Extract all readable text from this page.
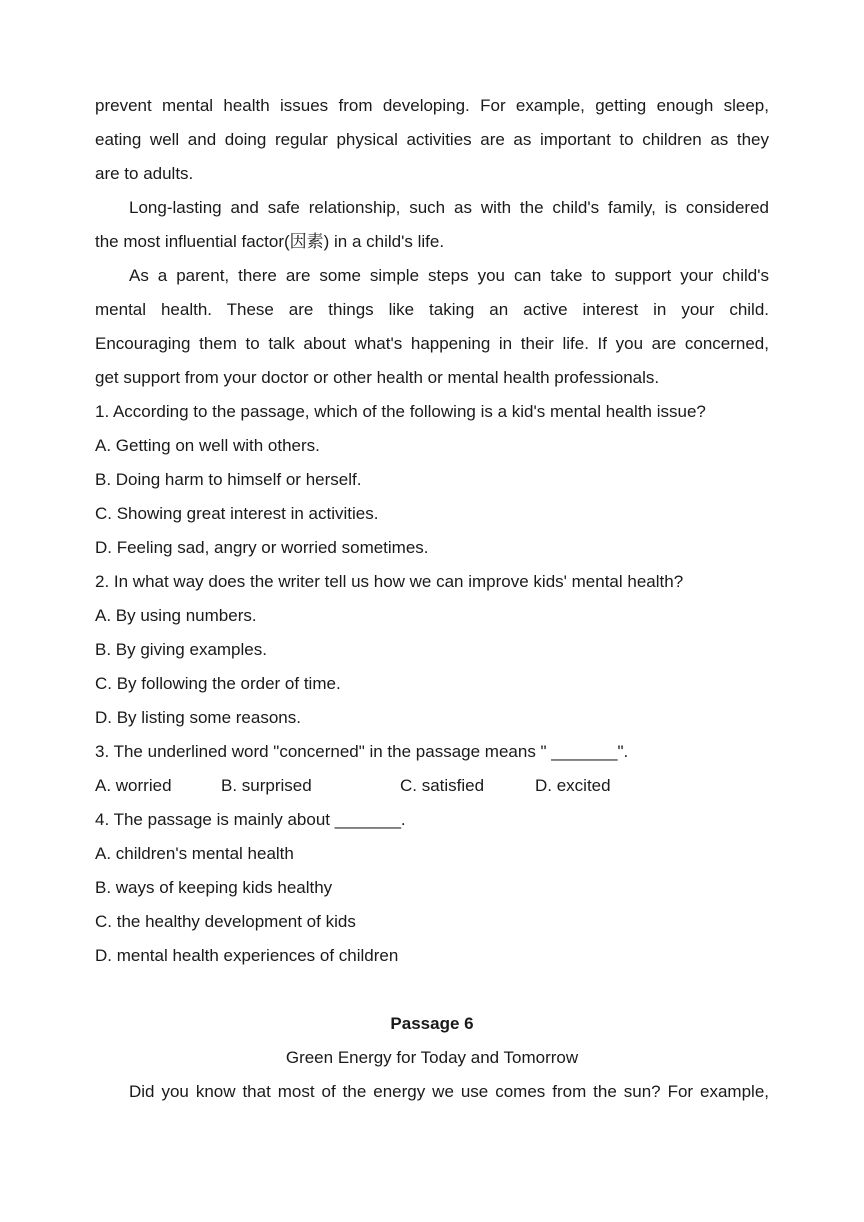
prevent mental health issues from developing. For example, getting enough sleep,
eating well and doing regular physical activities are as important to children as they
are to adults.
Long-lasting and safe relationship, such as with the child's family, is considered
the most influential factor(因素) in a child's life.
As a parent, there are some simple steps you can take to support your child's
mental health. These are things like taking an active interest in your child.
Encouraging them to talk about what's happening in their life. If you are concerned,
get support from your doctor or other health or mental health professionals.
1. According to the passage, which of the following is a kid's mental health issue?
A. Getting on well with others.
B. Doing harm to himself or herself.
C. Showing great interest in activities.
D. Feeling sad, angry or worried sometimes.
2. In what way does the writer tell us how we can improve kids' mental health?
A. By using numbers.
B. By giving examples.
C. By following the order of time.
D. By listing some reasons.
3. The underlined word "concerned" in the passage means " _______".
A. worried	B. surprised	C. satisfied	D. excited
4. The passage is mainly about _______.
A. children's mental health
B. ways of keeping kids healthy
C. the healthy development of kids
D. mental health experiences of children
Passage 6
Green Energy for Today and Tomorrow
Did you know that most of the energy we use comes from the sun? For example,
